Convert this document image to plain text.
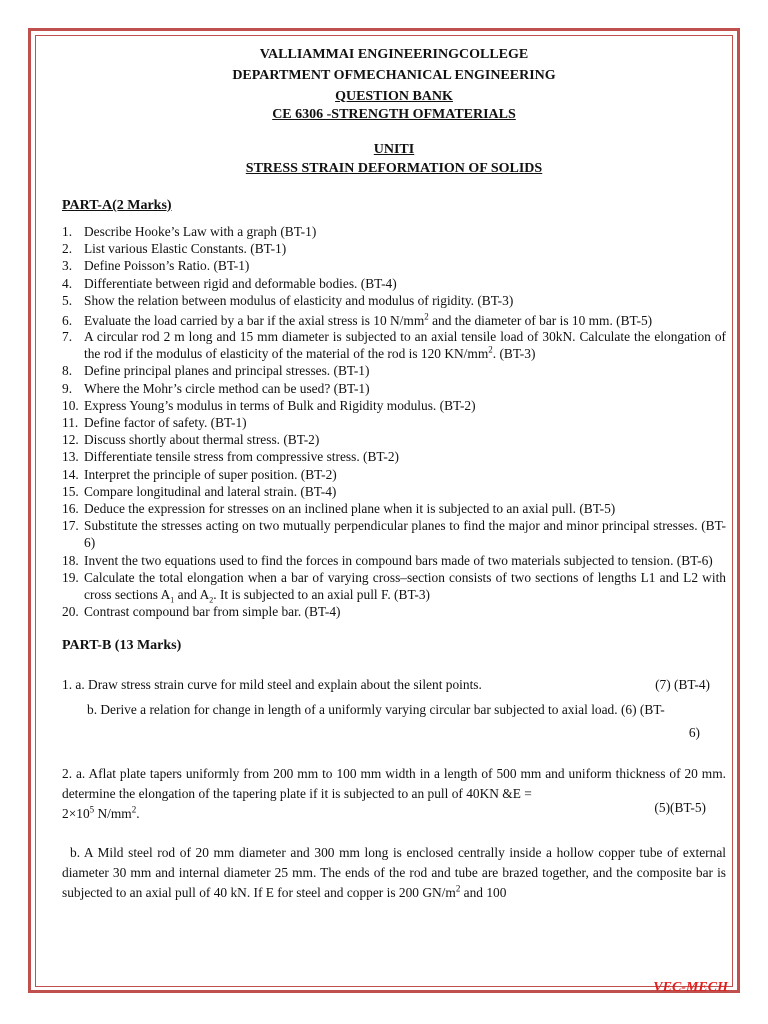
VALLIAMMAI ENGINEERINGCOLLEGE
DEPARTMENT OFMECHANICAL ENGINEERING
QUESTION BANK
CE 6306 -STRENGTH OFMATERIALS
UNITI
STRESS STRAIN DEFORMATION OF SOLIDS
PART-A(2 Marks)
1. Describe Hooke’s Law with a graph (BT-1)
2. List various Elastic Constants. (BT-1)
3. Define Poisson’s Ratio. (BT-1)
4. Differentiate between rigid and deformable bodies. (BT-4)
5. Show the relation between modulus of elasticity and modulus of rigidity. (BT-3)
6. Evaluate the load carried by a bar if the axial stress is 10 $N/mm^2$ and the diameter of bar is 10 mm. (BT-5)
7. A circular rod 2 m long and 15 mm diameter is subjected to an axial tensile load of 30kN. Calculate the elongation of the rod if the modulus of elasticity of the material of the rod is 120 $KN/mm^2$. (BT-3)
8. Define principal planes and principal stresses. (BT-1)
9. Where the Mohr’s circle method can be used? (BT-1)
10. Express Young’s modulus in terms of Bulk and Rigidity modulus. (BT-2)
11. Define factor of safety. (BT-1)
12. Discuss shortly about thermal stress. (BT-2)
13. Differentiate tensile stress from compressive stress. (BT-2)
14. Interpret the principle of super position. (BT-2)
15. Compare longitudinal and lateral strain. (BT-4)
16. Deduce the expression for stresses on an inclined plane when it is subjected to an axial pull. (BT-5)
17. Substitute the stresses acting on two mutually perpendicular planes to find the major and minor principal stresses. (BT-6)
18. Invent the two equations used to find the forces in compound bars made of two materials subjected to tension. (BT-6)
19. Calculate the total elongation when a bar of varying cross–section consists of two sections of lengths L1 and L2 with cross sections $A_1$ and $A_2$. It is subjected to an axial pull F. (BT-3)
20. Contrast compound bar from simple bar. (BT-4)
PART-B (13 Marks)
1. a. Draw stress strain curve for mild steel and explain about the silent points.	(7) (BT-4)
b. Derive a relation for change in length of a uniformly varying circular bar subjected to axial load. (6) (BT-
6)
2. a. Aflat plate tapers uniformly from 200 mm to 100 mm width in a length of 500 mm and uniform thickness of 20 mm. determine the elongation of the tapering plate if it is subjected to an pull of 40KN &E =
$2\times 10^5$ $N/mm^2$.	(5)(BT-5)
b. A Mild steel rod of 20 mm diameter and 300 mm long is enclosed centrally inside a hollow copper tube of external diameter 30 mm and internal diameter 25 mm. The ends of the rod and tube are brazed together, and the composite bar is subjected to an axial pull of 40 kN. If E for steel and copper is 200 $GN/m^2$ and 100
VEC-MECH
